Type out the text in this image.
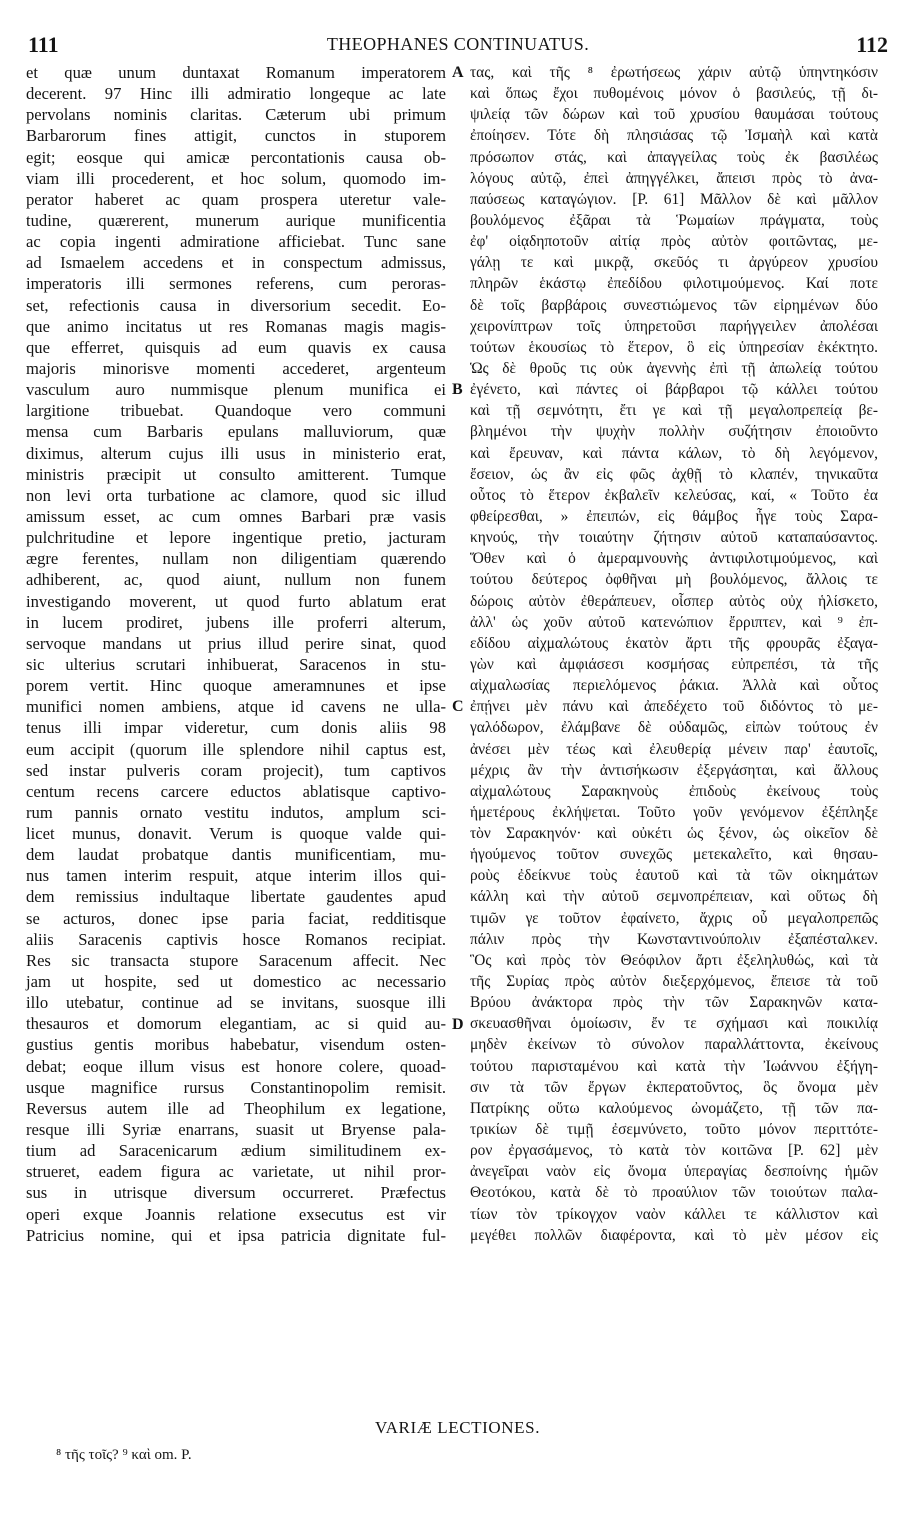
111	THEOPHANES CONTINUATUS.	112
et quæ unum duntaxat Romanum imperatorem
decerent. 97 Hinc illi admiratio longeque ac late
pervolans nominis claritas. Cæterum ubi primum
Barbarorum fines attigit, cunctos in stuporem
egit; eosque qui amicæ percontationis causa ob-
viam illi procederent, et hoc solum, quomodo im-
perator haberet ac quam prospera uteretur vale-
tudine, quærerent, munerum aurique munificentia
ac copia ingenti admiratione afficiebat. Tunc sane
ad Ismaelem accedens et in conspectum admissus,
imperatoris illi sermones referens, cum peroras-
set, refectionis causa in diversorium secedit. Eo-
que animo incitatus ut res Romanas magis magis-
que efferret, quisquis ad eum quavis ex causa
majoris minorisve momenti accederet, argenteum
vasculum auro nummisque plenum munifica ei
largitione tribuebat. Quandoque vero communi
mensa cum Barbaris epulans malluviorum, quæ
diximus, alterum cujus illi usus in ministerio erat,
ministris præcipit ut consulto amitterent. Tumque
non levi orta turbatione ac clamore, quod sic illud
amissum esset, ac cum omnes Barbari præ vasis
pulchritudine et lepore ingentique pretio, jacturam
ægre ferentes, nullam non diligentiam quærendo
adhiberent, ac, quod aiunt, nullum non funem
investigando moverent, ut quod furto ablatum erat
in lucem prodiret, jubens ille proferri alterum,
servoque mandans ut prius illud perire sinat, quod
sic ulterius scrutari inhibuerat, Saracenos in stu-
porem vertit. Hinc quoque ameramnunes et ipse
munifici nomen ambiens, atque id cavens ne ulla-
tenus illi impar videretur, cum donis aliis 98
eum accipit (quorum ille splendore nihil captus est,
sed instar pulveris coram projecit), tum captivos
centum recens carcere eductos ablatisque captivo-
rum pannis ornato vestitu indutos, amplum sci-
licet munus, donavit. Verum is quoque valde qui-
dem laudat probatque dantis munificentiam, mu-
nus tamen interim respuit, atque interim illos qui-
dem remissius indultaque libertate gaudentes apud
se acturos, donec ipse paria faciat, redditisque
aliis Saracenis captivis hosce Romanos recipiat.
Res sic transacta stupore Saracenum affecit. Nec
jam ut hospite, sed ut domestico ac necessario
illo utebatur, continue ad se invitans, suosque illi
thesauros et domorum elegantiam, ac si quid au-
gustius gentis moribus habebatur, visendum osten-
debat; eoque illum visus est honore colere, quoad-
usque magnifice rursus Constantinopolim remisit.
Reversus autem ille ad Theophilum ex legatione,
resque illi Syriæ enarrans, suasit ut Bryense pala-
tium ad Saracenicarum ædium similitudinem ex-
strueret, eadem figura ac varietate, ut nihil pror-
sus in utrisque diversum occurreret. Præfectus
operi exque Joannis relatione exsecutus est vir
Patricius nomine, qui et ipsa patricia dignitate ful-
A
B
C
D
τας, καὶ τῆς ⁸ ἐρωτήσεως χάριν αὐτῷ ὑπηντηκόσιν
καὶ ὅπως ἔχοι πυθομένοις μόνον ὁ βασιλεύς, τῇ δι-
ψιλείᾳ τῶν δώρων καὶ τοῦ χρυσίου θαυμάσαι τούτους
ἐποίησεν. Τότε δὴ πλησιάσας τῷ Ἰσμαὴλ καὶ κατὰ
πρόσωπον στάς, καὶ ἀπαγγείλας τοὺς ἐκ βασιλέως
λόγους αὐτῷ, ἐπεὶ ἀπηγγέλκει, ἄπεισι πρὸς τὸ ἀνα-
παύσεως καταγώγιον. [P. 61] Μᾶλλον δὲ καὶ μᾶλλον
βουλόμενος ἐξᾶραι τὰ Ῥωμαίων πράγματα, τοὺς
ἐφ' οἱᾳδηποτοῦν αἰτίᾳ πρὸς αὐτὸν φοιτῶντας, με-
γάλῃ τε καὶ μικρᾷ, σκεῦός τι ἀργύρεον χρυσίου
πληρῶν ἑκάστῳ ἐπεδίδου φιλοτιμούμενος. Καί ποτε
δὲ τοῖς βαρβάροις συνεστιώμενος τῶν εἰρημένων δύο
χειρονίπτρων τοῖς ὑπηρετοῦσι παρήγγειλεν ἀπολέσαι
τούτων ἑκουσίως τὸ ἕτερον, ὃ εἰς ὑπηρεσίαν ἐκέκτητο.
Ὡς δὲ θροῦς τις οὐκ ἀγεννὴς ἐπὶ τῇ ἀπωλείᾳ τούτου
ἐγένετο, καὶ πάντες οἱ βάρβαροι τῷ κάλλει τούτου
καὶ τῇ σεμνότητι, ἔτι γε καὶ τῇ μεγαλοπρεπείᾳ βε-
βλημένοι τὴν ψυχὴν πολλὴν συζήτησιν ἐποιοῦντο
καὶ ἔρευναν, καὶ πάντα κάλων, τὸ δὴ λεγόμενον,
ἔσειον, ὡς ἂν εἰς φῶς ἀχθῇ τὸ κλαπέν, τηνικαῦτα
οὗτος τὸ ἕτερον ἐκβαλεῖν κελεύσας, καί, « Τοῦτο ἐα
φθείρεσθαι, » ἐπειπών, εἰς θάμβος ἦγε τοὺς Σαρα-
κηνούς, τὴν τοιαύτην ζήτησιν αὐτοῦ καταπαύσαντος.
Ὅθεν καὶ ὁ ἀμεραμνουνὴς ἀντιφιλοτιμούμενος, καὶ
τούτου δεύτερος ὀφθῆναι μὴ βουλόμενος, ἄλλοις τε
δώροις αὐτὸν ἐθεράπευεν, οἷσπερ αὐτὸς οὐχ ἡλίσκετο,
ἀλλ' ὡς χοῦν αὐτοῦ κατενώπιον ἔρριπτεν, καὶ ⁹ ἐπ-
εδίδου αἰχμαλώτους ἑκατὸν ἄρτι τῆς φρουρᾶς ἐξαγα-
γὼν καὶ ἀμφιάσεσι κοσμήσας εὐπρεπέσι, τὰ τῆς
αἰχμαλωσίας περιελόμενος ῥάκια. Ἀλλὰ καὶ οὗτος
ἐπῄνει μὲν πάνυ καὶ ἀπεδέχετο τοῦ διδόντος τὸ με-
γαλόδωρον, ἐλάμβανε δὲ οὐδαμῶς, εἰπὼν τούτους ἐν
ἀνέσει μὲν τέως καὶ ἐλευθερίᾳ μένειν παρ' ἑαυτοῖς,
μέχρις ἂν τὴν ἀντισήκωσιν ἐξεργάσηται, καὶ ἄλλους
αἰχμαλώτους Σαρακηνοὺς ἐπιδοὺς ἐκείνους τοὺς
ἡμετέρους ἐκλήψεται. Τοῦτο γοῦν γενόμενον ἐξέπληξε
τὸν Σαρακηνόν· καὶ οὐκέτι ὡς ξένον, ὡς οἰκεῖον δὲ
ἡγούμενος τοῦτον συνεχῶς μετεκαλεῖτο, καὶ θησαυ-
ροὺς ἐδείκνυε τοὺς ἑαυτοῦ καὶ τὰ τῶν οἰκημάτων
κάλλη καὶ τὴν αὐτοῦ σεμνοπρέπειαν, καὶ οὕτως δὴ
τιμῶν γε τοῦτον ἐφαίνετο, ἄχρις οὗ μεγαλοπρεπῶς
πάλιν πρὸς τὴν Κωνσταντινούπολιν ἐξαπέσταλκεν.
Ὃς καὶ πρὸς τὸν Θεόφιλον ἄρτι ἐξεληλυθώς, καὶ τὰ
τῆς Συρίας πρὸς αὐτὸν διεξερχόμενος, ἔπεισε τὰ τοῦ
Βρύου ἀνάκτορα πρὸς τὴν τῶν Σαρακηνῶν κατα-
σκευασθῆναι ὁμοίωσιν, ἔν τε σχήμασι καὶ ποικιλίᾳ
μηδὲν ἐκείνων τὸ σύνολον παραλλάττοντα, ἐκείνους
τούτου παρισταμένου καὶ κατὰ τὴν Ἰωάννου ἐξήγη-
σιν τὰ τῶν ἔργων ἐκπερατοῦντος, ὃς ὄνομα μὲν
Πατρίκης οὕτω καλούμενος ὠνομάζετο, τῇ τῶν πα-
τρικίων δὲ τιμῇ ἐσεμνύνετο, τοῦτο μόνον περιττότε-
ρον ἐργασάμενος, τὸ κατὰ τὸν κοιτῶνα [P. 62] μὲν
ἀνεγεῖραι ναὸν εἰς ὄνομα ὑπεραγίας δεσποίνης ἡμῶν
Θεοτόκου, κατὰ δὲ τὸ προαύλιον τῶν τοιούτων παλα-
τίων τὸν τρίκογχον ναὸν κάλλει τε κάλλιστον καὶ
μεγέθει πολλῶν διαφέροντα, καὶ τὸ μὲν μέσον εἰς
VARIÆ LECTIONES.
⁸ τῆς τοῖς? ⁹ καὶ om. P.
